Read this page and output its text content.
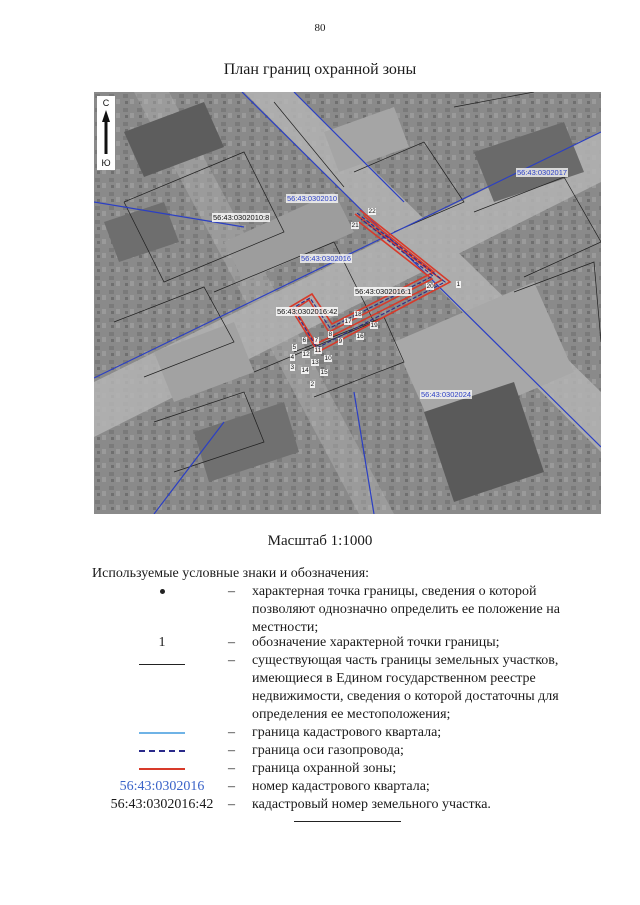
80
План границ охранной зоны
56:43:0302010
56:43:0302016
56:43:0302017
56:43:0302024
56:43:0302010:8
56:43:0302016:1
56:43:0302016:42
1
2
3
4
5
6 7
8
9
10
11
12
13
14 15
16
17
18
19
20
21
22
С
Ю
Масштаб 1:1000
Используемые условные знаки и обозначения:
– характерная точка границы, сведения о которой позволяют однозначно определить ее положение на местности;
1	– обозначение характерной точки границы;
– существующая часть границы земельных участков, имеющиеся в Едином государственном реестре недвижимости, сведения о которой достаточны для определения ее местоположения;
– граница кадастрового квартала;
– граница оси газопровода;
– граница охранной зоны;
56:43:0302016	– номер кадастрового квартала;
56:43:0302016:42	– кадастровый номер земельного участка.
